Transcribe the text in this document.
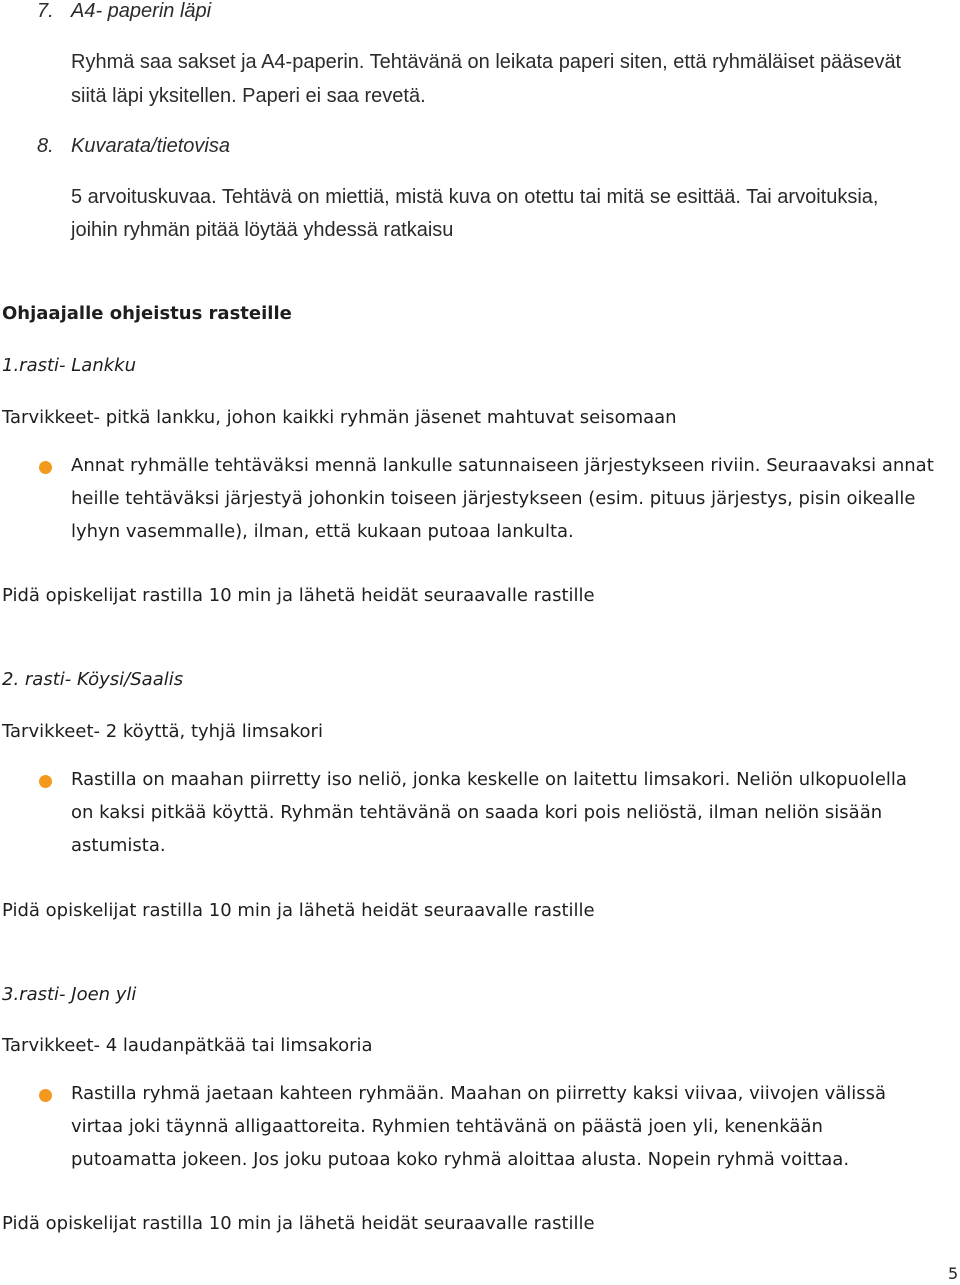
7. A4- paperin läpi
Ryhmä saa sakset ja A4-paperin. Tehtävänä on leikata paperi siten, että ryhmäläiset pääsevät
siitä läpi yksitellen. Paperi ei saa revetä.
8. Kuvarata/tietovisa
5 arvoituskuvaa. Tehtävä on miettiä, mistä kuva on otettu tai mitä se esittää. Tai arvoituksia,
joihin ryhmän pitää löytää yhdessä ratkaisu
Ohjaajalle ohjeistus rasteille
1.rasti- Lankku
Tarvikkeet- pitkä lankku, johon kaikki ryhmän jäsenet mahtuvat seisomaan
Annat ryhmälle tehtäväksi mennä lankulle satunnaiseen järjestykseen riviin. Seuraavaksi annat
heille tehtäväksi järjestyä johonkin toiseen järjestykseen (esim. pituus järjestys, pisin oikealle
lyhyn vasemmalle), ilman, että kukaan putoaa lankulta.
Pidä opiskelijat rastilla 10 min ja lähetä heidät seuraavalle rastille
2. rasti- Köysi/Saalis
Tarvikkeet- 2 köyttä, tyhjä limsakori
Rastilla on maahan piirretty iso neliö, jonka keskelle on laitettu limsakori. Neliön ulkopuolella
on kaksi pitkää köyttä. Ryhmän tehtävänä on saada kori pois neliöstä, ilman neliön sisään
astumista.
Pidä opiskelijat rastilla 10 min ja lähetä heidät seuraavalle rastille
3.rasti- Joen yli
Tarvikkeet- 4 laudanpätkää tai limsakoria
Rastilla ryhmä jaetaan kahteen ryhmään. Maahan on piirretty kaksi viivaa, viivojen välissä
virtaa joki täynnä alligaattoreita. Ryhmien tehtävänä on päästä joen yli, kenenkään
putoamatta jokeen. Jos joku putoaa koko ryhmä aloittaa alusta. Nopein ryhmä voittaa.
Pidä opiskelijat rastilla 10 min ja lähetä heidät seuraavalle rastille
5
